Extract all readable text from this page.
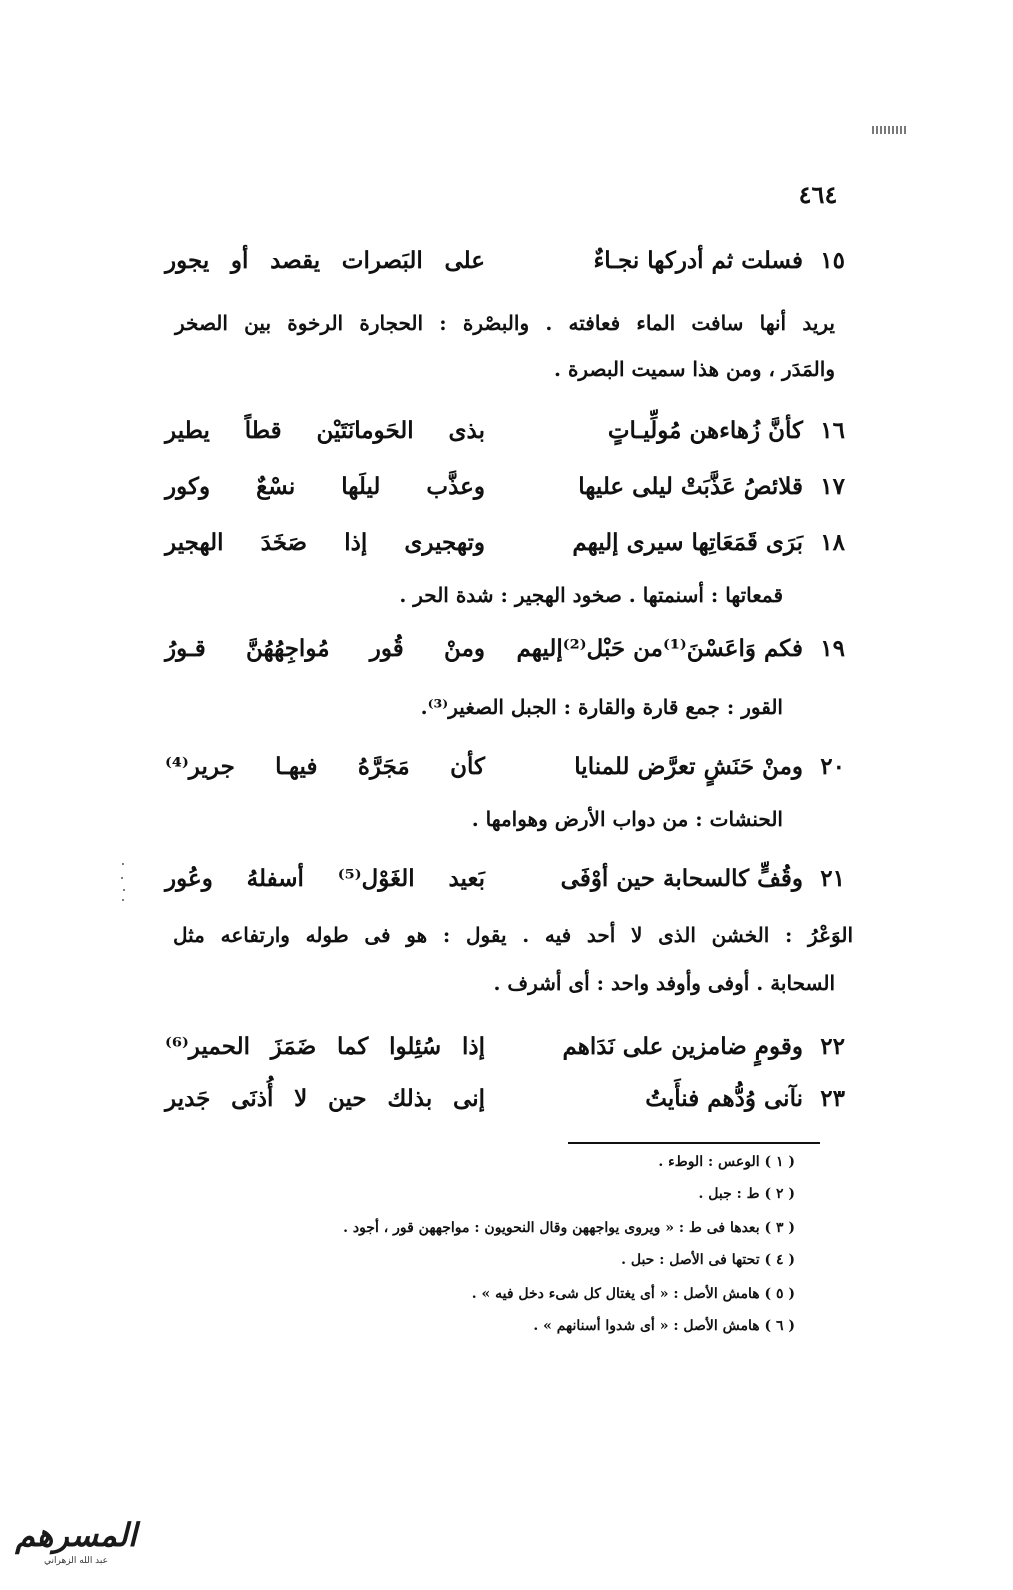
٤٦٤
١٥
فسلت ثم أدركها نجـاءٌ
على البَصرات يقصد أو يجور
يريد أنها سافت الماء فعافته . والبصْرة : الحجارة الرخوة بين الصخر
والمَدَر ، ومن هذا سميت البصرة .
١٦
كأنَّ زُهاءهن مُولِّيـاتٍ
بذى الحَومانَتَيْن قطاً يطير
١٧
قلائصُ عَذَّبَتْ ليلى عليها
وعذَّب ليلَها نسْعٌ وكور
١٨
بَرَى قَمَعَاتِها سيرى إليهم
وتهجيرى إذا صَخَدَ الهجير
قمعاتها : أسنمتها . صخود الهجير : شدة الحر .
١٩
فكم وَاعَسْنَ⁽¹⁾من حَبْل⁽²⁾إليهم
ومنْ قُور مُواجِهُهُنَّ قـورُ
القور : جمع قارة والقارة : الجبل الصغير⁽³⁾.
٢٠
ومنْ حَنَشٍ تعرَّض للمنايا
كأن مَجَرَّهُ فيهـا جرير⁽⁴⁾
الحنشات : من دواب الأرض وهوامها .
٢١
وقُفٍّ كالسحابة حين أوْفَى
بَعيد الغَوْل⁽⁵⁾ أسفلهُ وعُور
الوَعْرُ : الخشن الذى لا أحد فيه . يقول : هو فى طوله وارتفاعه مثل
السحابة . أوفى وأوفد واحد : أى أشرف .
٢٢
وقومٍ ضامزين على نَدَاهم
إذا سُئِلوا كما ضَمَزَ الحمير⁽⁶⁾
٢٣
نآنى وُدُّهم فنأَيتُ
إنى بذلك حين لا أُذنَى جَدير
( ١ ) الوعس : الوطء .
( ٢ ) ط : جبل .
( ٣ ) بعدها فى ط : « ويروى يواجههن وقال النحويون : مواجههن قور ، أجود .
( ٤ ) تحتها فى الأصل : حبل .
( ٥ ) هامش الأصل : « أى يغتال كل شىء دخل فيه » .
( ٦ ) هامش الأصل : « أى شدوا أسنانهم » .
المسرهم
عبد الله الزهراني
